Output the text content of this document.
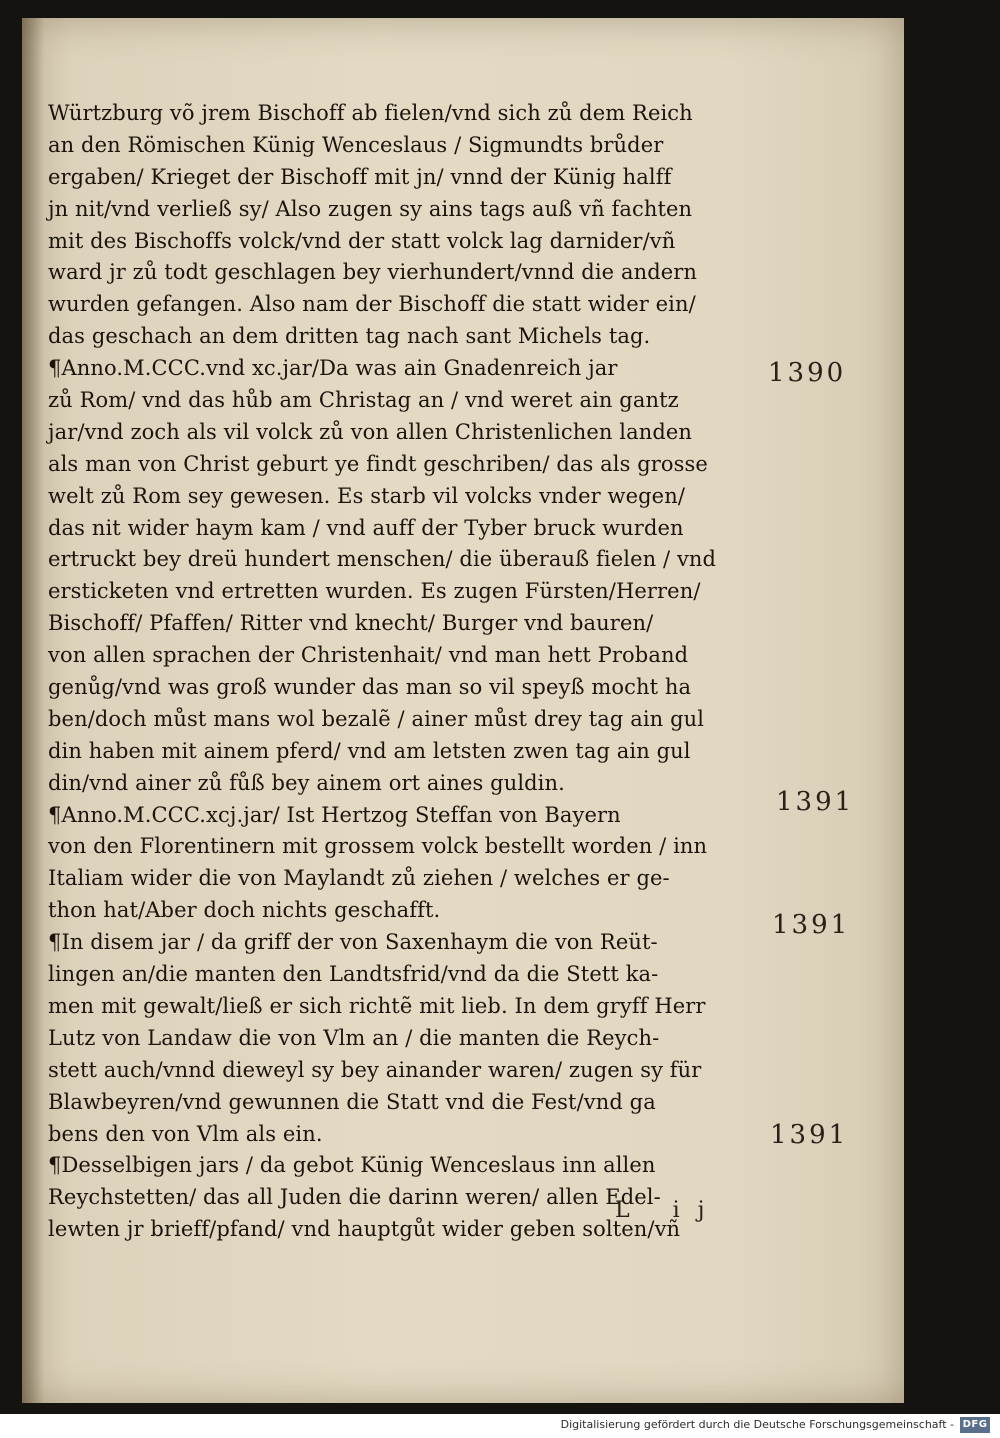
Würtzburg võ jrem Bischoff ab fielen/vnd sich zů dem Reich
an den Römischen Künig Wenceslaus / Sigmundts brůder
ergaben/ Krieget der Bischoff mit jn/ vnnd der Künig halff
jn nit/vnd verließ sy/ Also zugen sy ains tags auß vñ fachten
mit des Bischoffs volck/vnd der statt volck lag darnider/vñ
ward jr zů todt geschlagen bey vierhundert/vnnd die andern
wurden gefangen. Also nam der Bischoff die statt wider ein/
das geschach an dem dritten tag nach sant Michels tag.
¶Anno.M.CCC.vnd xc.jar/Da was ain Gnadenreich jar
zů Rom/ vnd das hůb am Christag an / vnd weret ain gantz
jar/vnd zoch als vil volck zů von allen Christenlichen landen
als man von Christ geburt ye findt geschriben/ das als grosse
welt zů Rom sey gewesen. Es starb vil volcks vnder wegen/
das nit wider haym kam / vnd auff der Tyber bruck wurden
ertruckt bey dreü hundert menschen/ die überauß fielen / vnd
ersticketen vnd ertretten wurden. Es zugen Fürsten/Herren/
Bischoff/ Pfaffen/ Ritter vnd knecht/ Burger vnd bauren/
von allen sprachen der Christenhait/ vnd man hett Proband
genůg/vnd was groß wunder das man so vil speyß mocht ha
ben/doch můst mans wol bezalẽ / ainer můst drey tag ain gul
din haben mit ainem pferd/ vnd am letsten zwen tag ain gul
din/vnd ainer zů fůß bey ainem ort aines guldin.
¶Anno.M.CCC.xcj.jar/ Ist Hertzog Steffan von Bayern
von den Florentinern mit grossem volck bestellt worden / inn
Italiam wider die von Maylandt zů ziehen / welches er ge-
thon hat/Aber doch nichts geschafft.
¶In disem jar / da griff der von Saxenhaym die von Reüt-
lingen an/die manten den Landtsfrid/vnd da die Stett ka-
men mit gewalt/ließ er sich richtẽ mit lieb. In dem gryff Herr
Lutz von Landaw die von Vlm an / die manten die Reych-
stett auch/vnnd dieweyl sy bey ainander waren/ zugen sy für
Blawbeyren/vnd gewunnen die Statt vnd die Fest/vnd ga
bens den von Vlm als ein.
¶Desselbigen jars / da gebot Künig Wenceslaus inn allen
Reychstetten/ das all Juden die darinn weren/ allen Edel-
lewten jr brieff/pfand/ vnd hauptgůt wider geben solten/vñ
1390
1391
1391
1391
L ij
Digitalisierung gefördert durch die Deutsche Forschungsgemeinschaft - DFG
